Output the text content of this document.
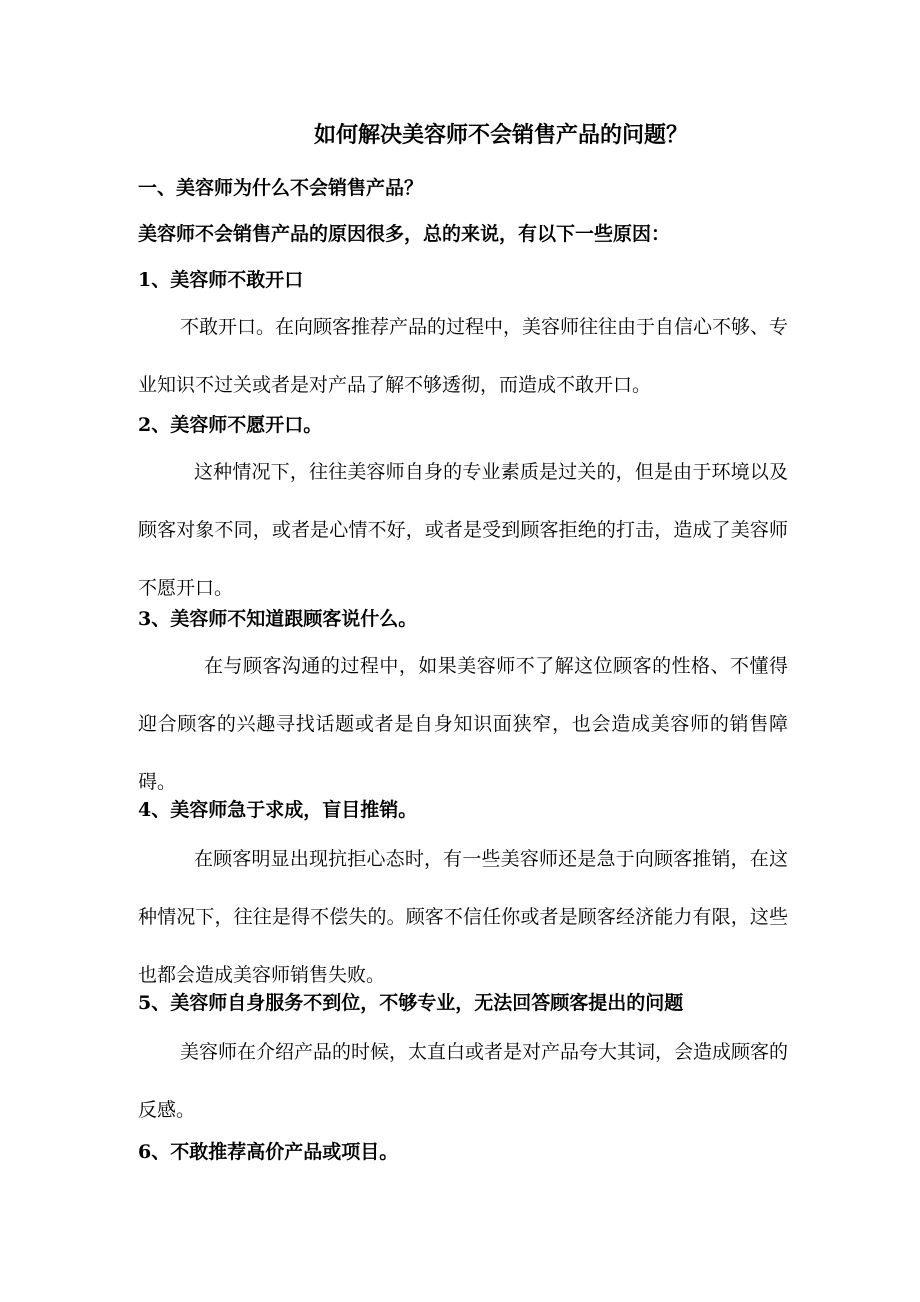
如何解决美容师不会销售产品的问题？
一、美容师为什么不会销售产品？
美容师不会销售产品的原因很多，总的来说，有以下一些原因：
1、美容师不敢开口
不敢开口。在向顾客推荐产品的过程中，美容师往往由于自信心不够、专业知识不过关或者是对产品了解不够透彻，而造成不敢开口。
2、美容师不愿开口。
这种情况下，往往美容师自身的专业素质是过关的，但是由于环境以及顾客对象不同，或者是心情不好，或者是受到顾客拒绝的打击，造成了美容师不愿开口。
3、美容师不知道跟顾客说什么。
在与顾客沟通的过程中，如果美容师不了解这位顾客的性格、不懂得迎合顾客的兴趣寻找话题或者是自身知识面狭窄，也会造成美容师的销售障碍。
4、美容师急于求成，盲目推销。
在顾客明显出现抗拒心态时，有一些美容师还是急于向顾客推销，在这种情况下，往往是得不偿失的。顾客不信任你或者是顾客经济能力有限，这些也都会造成美容师销售失败。
5、美容师自身服务不到位，不够专业，无法回答顾客提出的问题
美容师在介绍产品的时候，太直白或者是对产品夸大其词，会造成顾客的反感。
6、不敢推荐高价产品或项目。
